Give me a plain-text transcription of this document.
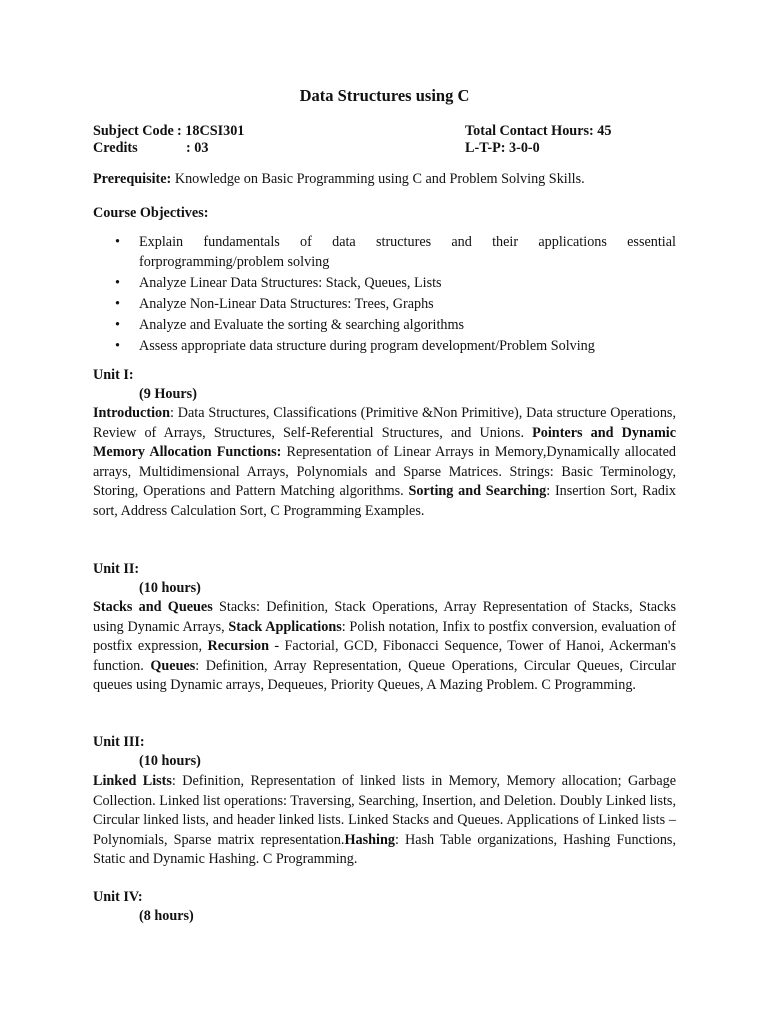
Data Structures using C
Subject Code : 18CSI301	Total Contact Hours: 45
Credits	: 03	L-T-P: 3-0-0
Prerequisite: Knowledge on Basic Programming using C and Problem Solving Skills.
Course Objectives:
• Explain fundamentals of data structures and their applications essential forprogramming/problem solving
• Analyze Linear Data Structures: Stack, Queues, Lists
• Analyze Non-Linear Data Structures: Trees, Graphs
• Analyze and Evaluate the sorting & searching algorithms
• Assess appropriate data structure during program development/Problem Solving
Unit I:
(9 Hours)

Introduction: Data Structures, Classifications (Primitive &Non Primitive), Data structure Operations, Review of Arrays, Structures, Self-Referential Structures, and Unions. Pointers and Dynamic Memory Allocation Functions: Representation of Linear Arrays in Memory,Dynamically allocated arrays, Multidimensional Arrays, Polynomials and Sparse Matrices. Strings: Basic Terminology, Storing, Operations and Pattern Matching algorithms. Sorting and Searching: Insertion Sort, Radix sort, Address Calculation Sort, C Programming Examples.

Unit II:
(10 hours)

Stacks and Queues Stacks: Definition, Stack Operations, Array Representation of Stacks, Stacks using Dynamic Arrays, Stack Applications: Polish notation, Infix to postfix conversion, evaluation of postfix expression, Recursion - Factorial, GCD, Fibonacci Sequence, Tower of Hanoi, Ackerman's function. Queues: Definition, Array Representation, Queue Operations, Circular Queues, Circular queues using Dynamic arrays, Dequeues, Priority Queues, A Mazing Problem. C Programming.

Unit III:
(10 hours)

Linked Lists: Definition, Representation of linked lists in Memory, Memory allocation; Garbage Collection. Linked list operations: Traversing, Searching, Insertion, and Deletion. Doubly Linked lists, Circular linked lists, and header linked lists. Linked Stacks and Queues. Applications of Linked lists – Polynomials, Sparse matrix representation.Hashing: Hash Table organizations, Hashing Functions, Static and Dynamic Hashing. C Programming.

Unit IV:
(8 hours)
